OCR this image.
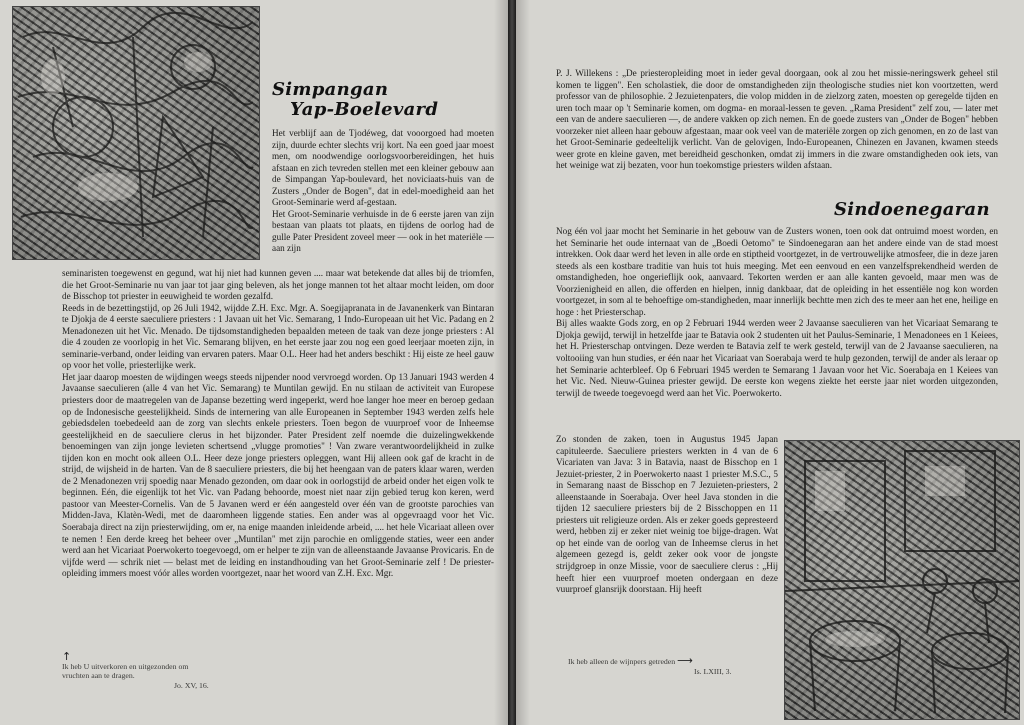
Simpangan
Yap-Boelevard

Het verblijf aan de Tjodéweg, dat vooorgoed had moeten zijn, duurde echter slechts vrij kort. Na een goed jaar moest men, om noodwendige oorlogsvoorbereidingen, het huis afstaan en zich tevreden stellen met een kleiner gebouw aan de Simpangan Yap-boulevard, het noviciaats-huis van de Zusters „Onder de Bogen", dat in edel-moedigheid aan het Groot-Seminarie werd af-gestaan.

Het Groot-Seminarie verhuisde in de 6 eerste jaren van zijn bestaan van plaats tot plaats, en tijdens de oorlog had de gulle Pater President zoveel meer — ook in het materiële — aan zijn

seminaristen toegewenst en gegund, wat hij niet had kunnen geven .... maar wat betekende dat alles bij de triomfen, die het Groot-Seminarie nu van jaar tot jaar ging beleven, als het jonge mannen tot het altaar mocht leiden, om door de Bisschop tot priester in eeuwigheid te worden gezalfd.

Reeds in de bezettingstijd, op 26 Juli 1942, wijdde Z.H. Exc. Mgr. A. Soegijapranata in de Javanenkerk van Bintaran te Djokja de 4 eerste saeculiere priesters : 1 Javaan uit het Vic. Semarang, 1 Indo-Europeaan uit het Vic. Padang en 2 Menadonezen uit het Vic. Menado. De tijdsomstandigheden bepaalden meteen de taak van deze jonge priesters : Al die 4 zouden ze voorlopig in het Vic. Semarang blijven, en het eerste jaar zou nog een goed leerjaar moeten zijn, in seminarie-verband, onder leiding van ervaren paters. Maar O.L. Heer had het anders beschikt : Hij eiste ze heel gauw op voor het volle, priesterlijke werk.

Het jaar daarop moesten de wijdingen weegs steeds nijpender nood vervroegd worden. Op 13 Januari 1943 werden 4 Javaanse saeculieren (alle 4 van het Vic. Semarang) te Muntilan gewijd. En nu stilaan de activiteit van Europese priesters door de maatregelen van de Japanse bezetting werd ingeperkt, werd hoe langer hoe meer en beroep gedaan op de Indonesische geestelijkheid. Sinds de internering van alle Europeanen in September 1943 werden zelfs hele gebiedsdelen toebedeeld aan de zorg van slechts enkele priesters. Toen begon de vuurproef voor de Inheemse geestelijkheid en de saeculiere clerus in het bijzonder. Pater President zelf noemde die duizelingwekkende benoemingen van zijn jonge levieten schertsend „vlugge promoties" ! Van zware verantwoordelijkheid in zulke tijden kon en mocht ook alleen O.L. Heer deze jonge priesters opleggen, want Hij alleen ook gaf de kracht in de strijd, de wijsheid in de harten. Van de 8 saeculiere priesters, die bij het heengaan van de paters klaar waren, werden de 2 Menadonezen vrij spoedig naar Menado gezonden, om daar ook in oorlogstijd de arbeid onder het eigen volk te beginnen. Eén, die eigenlijk tot het Vic. van Padang behoorde, moest niet naar zijn gebied terug kon keren, werd pastoor van Meester-Cornelis. Van de 5 Javanen werd er één aangesteld over één van de grootste parochies van Midden-Java, Klatèn-Wedi, met de daaromheen liggende staties. Een ander was al opgevraagd voor het Vic. Soerabaja direct na zijn priesterwijding, om er, na enige maanden inleidende arbeid, .... het hele Vicariaat alleen over te nemen ! Een derde kreeg het beheer over „Muntilan" met zijn parochie en omliggende staties, weer een ander werd aan het Vicariaat Poerwokerto toegevoegd, om er helper te zijn van de alleenstaande Javaanse Provicaris. En de vijfde werd — schrik niet — belast met de leiding en instandhouding van het Groot-Seminarie zelf ! De priester-opleiding immers moest vóór alles worden voortgezet, naar het woord van Z.H. Exc. Mgr.

↑
Ik heb U uitverkoren en uitgezonden om
vruchten aan te dragen.
Jo. XV, 16.

P. J. Willekens : „De priesteropleiding moet in ieder geval doorgaan, ook al zou het missie-neringswerk geheel stil komen te liggen". Een scholastiek, die door de omstandigheden zijn theologische studies niet kon voortzetten, werd professor van de philosophie. 2 Jezuietenpaters, die volop midden in de zielzorg zaten, moesten op geregelde tijden en uren toch maar op 't Seminarie komen, om dogma- en moraal-lessen te geven. „Rama President" zelf zou, — later met een van de andere saeculieren —, de andere vakken op zich nemen. En de goede zusters van „Onder de Bogen" hebben voorzeker niet alleen haar gebouw afgestaan, maar ook veel van de materiële zorgen op zich genomen, en zo de last van het Groot-Seminarie gedeeltelijk verlicht. Van de gelovigen, Indo-Europeanen, Chinezen en Javanen, kwamen steeds weer grote en kleine gaven, met bereidheid geschonken, omdat zij immers in die zware omstandigheden ook iets, van het weinige wat zij bezaten, voor hun toekomstige priesters wilden afstaan.

Sindoenegaran

Nog één vol jaar mocht het Seminarie in het gebouw van de Zusters wonen, toen ook dat ontruimd moest worden, en het Seminarie het oude internaat van de „Boedi Oetomo" te Sindoenegaran aan het andere einde van de stad moest intrekken. Ook daar werd het leven in alle orde en stiptheid voortgezet, in de vertrouwelijke atmosfeer, die in deze jaren steeds als een kostbare traditie van huis tot huis meeging. Met een eenvoud en een vanzelfsprekendheid werden de omstandigheden, hoe ongerieflijk ook, aanvaard. Tekorten werden er aan alle kanten gevoeld, maar men was de Voorzienigheid en allen, die offerden en hielpen, innig dankbaar, dat de opleiding in het essentiële nog kon worden voortgezet, in som al te behoeftige om-standigheden, maar innerlijk bechtte men zich des te meer aan het ene, heilige en hoge : het Priesterschap.

Bij alles waakte Gods zorg, en op 2 Februari 1944 werden weer 2 Javaanse saeculieren van het Vicariaat Semarang te Djokja gewijd, terwijl in hetzelfde jaar te Batavia ook 2 studenten uit het Paulus-Seminarie, 1 Menadonees en 1 Keiees, het H. Priesterschap ontvingen. Deze werden te Batavia zelf te werk gesteld, terwijl van de 2 Javaanse saeculieren, na voltooiing van hun studies, er één naar het Vicariaat van Soerabaja werd te hulp gezonden, terwijl de ander als leraar op het Seminarie achterbleef. Op 6 Februari 1945 werden te Semarang 1 Javaan voor het Vic. Soerabaja en 1 Keiees van het Vic. Ned. Nieuw-Guinea priester gewijd. De eerste kon wegens ziekte het eerste jaar niet worden uitgezonden, terwijl de tweede toegevoegd werd aan het Vic. Poerwokerto.

Zo stonden de zaken, toen in Augustus 1945 Japan capituleerde. Saeculiere priesters werkten in 4 van de 6 Vicariaten van Java: 3 in Batavia, naast de Bisschop en 1 Jezuiet-priester, 2 in Poerwokerto naast 1 priester M.S.C., 5 in Semarang naast de Bisschop en 7 Jezuieten-priesters, 2 alleenstaande in Soerabaja. Over heel Java stonden in die tijden 12 saeculiere priesters bij de 2 Bisschoppen en 11 priesters uit religieuze orden. Als er zeker goeds gepresteerd werd, hebben zij er zeker niet weinig toe bijge-dragen. Wat op het einde van de oorlog van de Inheemse clerus in het algemeen gezegd is, geldt zeker ook voor de jongste strijdgroep in onze Missie, voor de saeculiere clerus : „Hij heeft hier een vuurproef moeten ondergaan en deze vuurproef glansrijk doorstaan. Hij heeft

Ik heb alleen de wijnpers getreden ⟶
Is. LXIII, 3.
